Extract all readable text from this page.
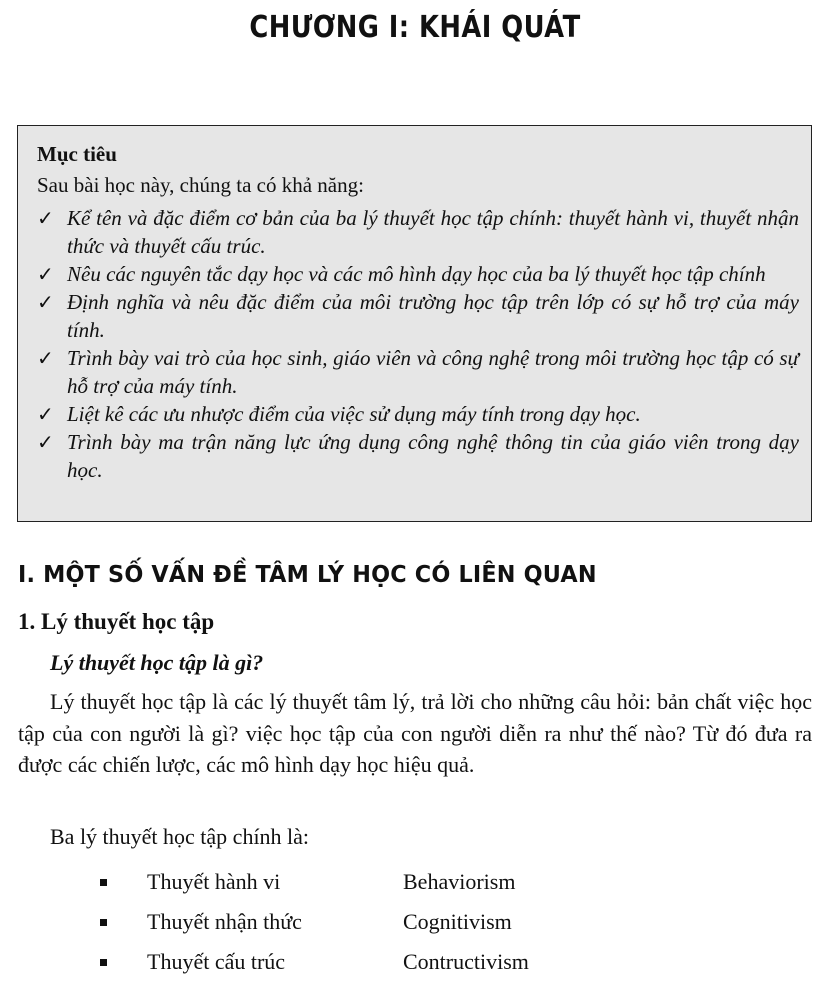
CHƯƠNG I: KHÁI QUÁT
Mục tiêu
Sau bài học này, chúng ta có khả năng:
✓ Kể tên và đặc điểm cơ bản của ba lý thuyết học tập chính: thuyết hành vi, thuyết nhận thức và thuyết cấu trúc.
✓ Nêu các nguyên tắc dạy học và các mô hình dạy học của ba lý thuyết học tập chính
✓ Định nghĩa và nêu đặc điểm của môi trường học tập trên lớp có sự hỗ trợ của máy tính.
✓ Trình bày vai trò của học sinh, giáo viên và công nghệ trong môi trường học tập có sự hỗ trợ của máy tính.
✓ Liệt kê các ưu nhược điểm của việc sử dụng máy tính trong dạy học.
✓ Trình bày ma trận năng lực ứng dụng công nghệ thông tin của giáo viên trong dạy học.
I. MỘT SỐ VẤN ĐỀ TÂM LÝ HỌC CÓ LIÊN QUAN
1. Lý thuyết học tập
Lý thuyết học tập là gì?

Lý thuyết học tập là các lý thuyết tâm lý, trả lời cho những câu hỏi: bản chất việc học tập của con người là gì? việc học tập của con người diễn ra như thế nào? Từ đó đưa ra được các chiến lược, các mô hình dạy học hiệu quả.

Ba lý thuyết học tập chính là:
Thuyết hành vi	Behaviorism
Thuyết nhận thức	Cognitivism
Thuyết cấu trúc	Contructivism
